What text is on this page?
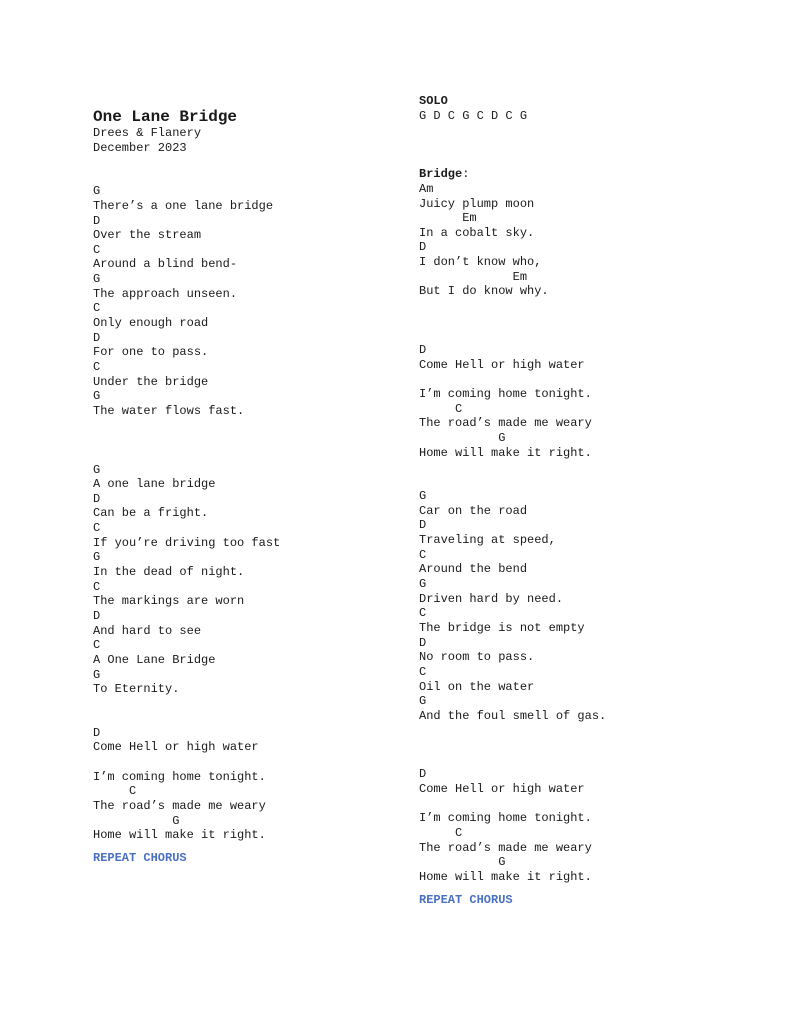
One Lane Bridge
Drees & Flanery
December 2023
G
There’s a one lane bridge
D
Over the stream
C
Around a blind bend-
G
The approach unseen.
C
Only enough road
D
For one to pass.
C
Under the bridge
G
The water flows fast.
G
A one lane bridge
D
Can be a fright.
C
If you’re driving too fast
G
In the dead of night.
C
The markings are worn
D
And hard to see
C
A One Lane Bridge
G
To Eternity.
D
Come Hell or high water
I’m coming home tonight.
C
The road’s made me weary
G
Home will make it right.
REPEAT CHORUS
SOLO
G D C G C D C G
Bridge:
Am
Juicy plump moon
Em
In a cobalt sky.
D
I don’t know who,
Em
But I do know why.
D
Come Hell or high water
I’m coming home tonight.
C
The road’s made me weary
G
Home will make it right.
G
Car on the road
D
Traveling at speed,
C
Around the bend
G
Driven hard by need.
C
The bridge is not empty
D
No room to pass.
C
Oil on the water
G
And the foul smell of gas.
D
Come Hell or high water
I’m coming home tonight.
C
The road’s made me weary
G
Home will make it right.
REPEAT CHORUS
